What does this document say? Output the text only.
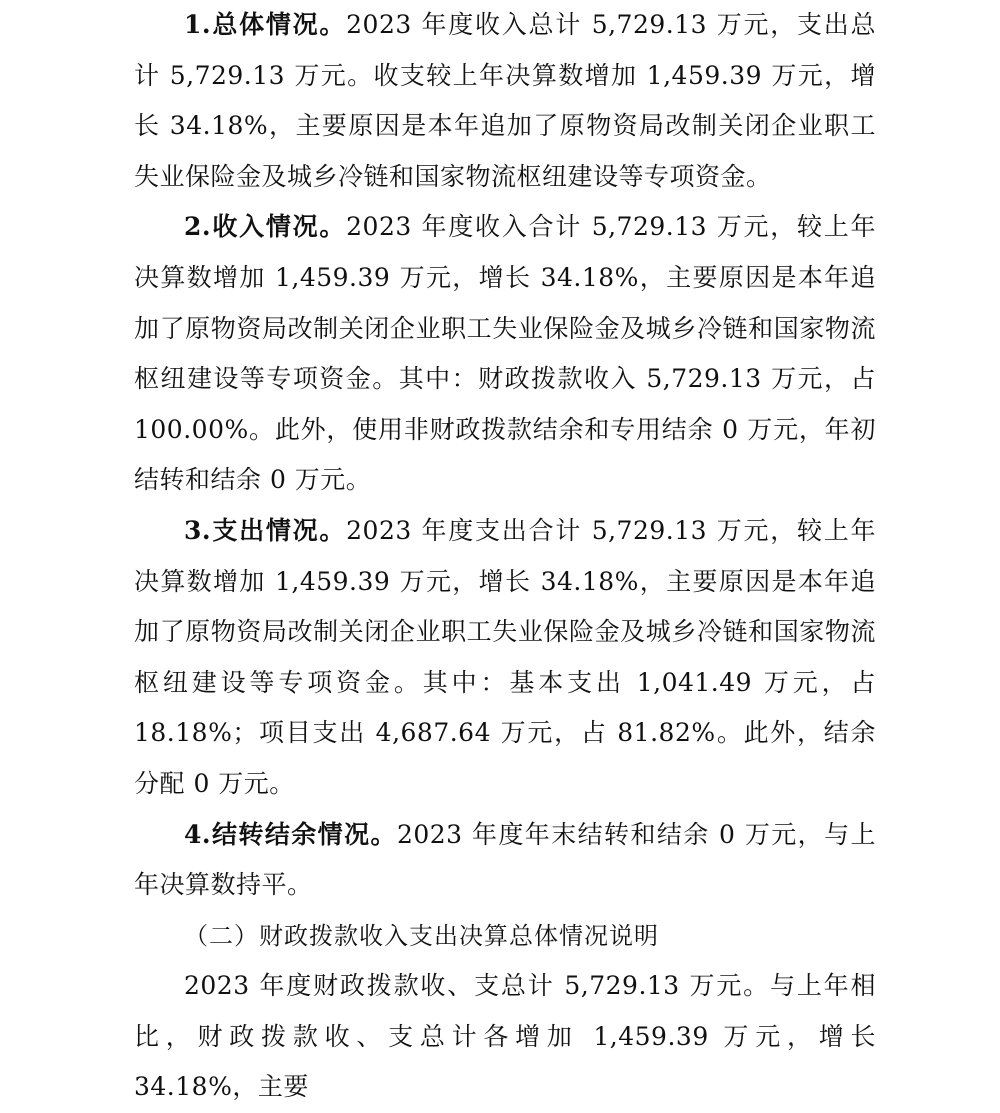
1.总体情况。2023 年度收入总计 5,729.13 万元，支出总计 5,729.13 万元。收支较上年决算数增加 1,459.39 万元，增长 34.18%，主要原因是本年追加了原物资局改制关闭企业职工失业保险金及城乡冷链和国家物流枢纽建设等专项资金。

2.收入情况。2023 年度收入合计 5,729.13 万元，较上年决算数增加 1,459.39 万元，增长 34.18%，主要原因是本年追加了原物资局改制关闭企业职工失业保险金及城乡冷链和国家物流枢纽建设等专项资金。其中：财政拨款收入 5,729.13 万元，占 100.00%。此外，使用非财政拨款结余和专用结余 0 万元，年初结转和结余 0 万元。

3.支出情况。2023 年度支出合计 5,729.13 万元，较上年决算数增加 1,459.39 万元，增长 34.18%，主要原因是本年追加了原物资局改制关闭企业职工失业保险金及城乡冷链和国家物流枢纽建设等专项资金。其中：基本支出 1,041.49 万元，占 18.18%；项目支出 4,687.64 万元，占 81.82%。此外，结余分配 0 万元。

4.结转结余情况。2023 年度年末结转和结余 0 万元，与上年决算数持平。

（二）财政拨款收入支出决算总体情况说明

2023 年度财政拨款收、支总计 5,729.13 万元。与上年相比，财政拨款收、支总计各增加 1,459.39 万元，增长 34.18%，主要
